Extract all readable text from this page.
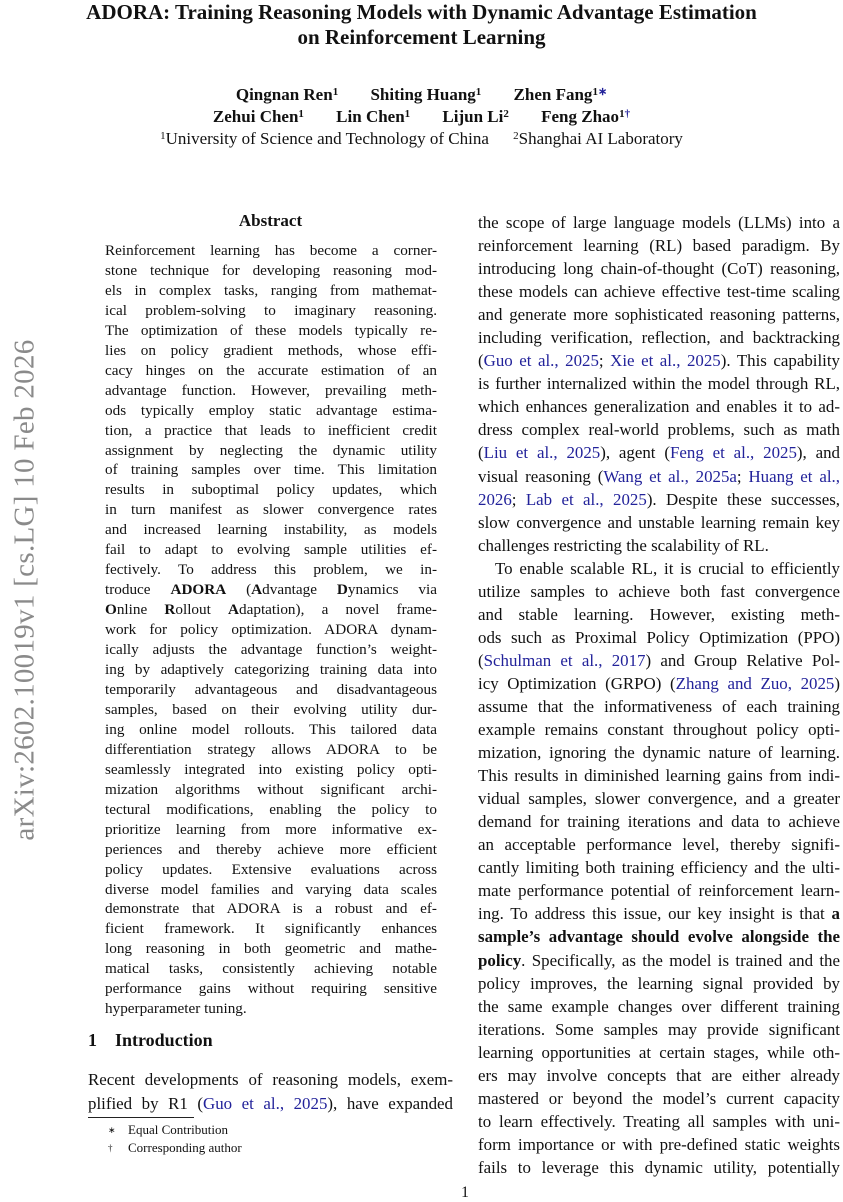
ADORA: Training Reasoning Models with Dynamic Advantage Estimation
on Reinforcement Learning
Qingnan Ren$^1$ Shiting Huang$^1$ Zhen Fang$^{1∗}$
Zehui Chen$^1$ Lin Chen$^1$ Lijun Li$^2$ Feng Zhao$^{1\dagger}$
$^1$University of Science and Technology of China $^2$Shanghai AI Laboratory
arXiv:2602.10019v1 [cs.LG] 10 Feb 2026
Abstract
Reinforcement learning has become a corner-
stone technique for developing reasoning mod-
els in complex tasks, ranging from mathemat-
ical problem-solving to imaginary reasoning.
The optimization of these models typically re-
lies on policy gradient methods, whose effi-
cacy hinges on the accurate estimation of an
advantage function. However, prevailing meth-
ods typically employ static advantage estima-
tion, a practice that leads to inefficient credit
assignment by neglecting the dynamic utility
of training samples over time. This limitation
results in suboptimal policy updates, which
in turn manifest as slower convergence rates
and increased learning instability, as models
fail to adapt to evolving sample utilities ef-
fectively. To address this problem, we in-
troduce ADORA (Advantage Dynamics via
Online Rollout Adaptation), a novel frame-
work for policy optimization. ADORA dynam-
ically adjusts the advantage function’s weight-
ing by adaptively categorizing training data into
temporarily advantageous and disadvantageous
samples, based on their evolving utility dur-
ing online model rollouts. This tailored data
differentiation strategy allows ADORA to be
seamlessly integrated into existing policy opti-
mization algorithms without significant archi-
tectural modifications, enabling the policy to
prioritize learning from more informative ex-
periences and thereby achieve more efficient
policy updates. Extensive evaluations across
diverse model families and varying data scales
demonstrate that ADORA is a robust and ef-
ficient framework. It significantly enhances
long reasoning in both geometric and mathe-
matical tasks, consistently achieving notable
performance gains without requiring sensitive
hyperparameter tuning.
1 Introduction
Recent developments of reasoning models, exem-
plified by R1 (Guo et al., 2025), have expanded
the scope of large language models (LLMs) into a
reinforcement learning (RL) based paradigm. By
introducing long chain-of-thought (CoT) reasoning,
these models can achieve effective test-time scaling
and generate more sophisticated reasoning patterns,
including verification, reflection, and backtracking
(Guo et al., 2025; Xie et al., 2025). This capability
is further internalized within the model through RL,
which enhances generalization and enables it to ad-
dress complex real-world problems, such as math
(Liu et al., 2025), agent (Feng et al., 2025), and
visual reasoning (Wang et al., 2025a; Huang et al.,
2026; Lab et al., 2025). Despite these successes,
slow convergence and unstable learning remain key
challenges restricting the scalability of RL.
To enable scalable RL, it is crucial to efficiently
utilize samples to achieve both fast convergence
and stable learning. However, existing meth-
ods such as Proximal Policy Optimization (PPO)
(Schulman et al., 2017) and Group Relative Pol-
icy Optimization (GRPO) (Zhang and Zuo, 2025)
assume that the informativeness of each training
example remains constant throughout policy opti-
mization, ignoring the dynamic nature of learning.
This results in diminished learning gains from indi-
vidual samples, slower convergence, and a greater
demand for training iterations and data to achieve
an acceptable performance level, thereby signifi-
cantly limiting both training efficiency and the ulti-
mate performance potential of reinforcement learn-
ing. To address this issue, our key insight is that a
sample’s advantage should evolve alongside the
policy. Specifically, as the model is trained and the
policy improves, the learning signal provided by
the same example changes over different training
iterations. Some samples may provide significant
learning opportunities at certain stages, while oth-
ers may involve concepts that are either already
mastered or beyond the model’s current capacity
to learn effectively. Treating all samples with uni-
form importance or with pre-defined static weights
fails to leverage this dynamic utility, potentially
∗ Equal Contribution
† Corresponding author
1
